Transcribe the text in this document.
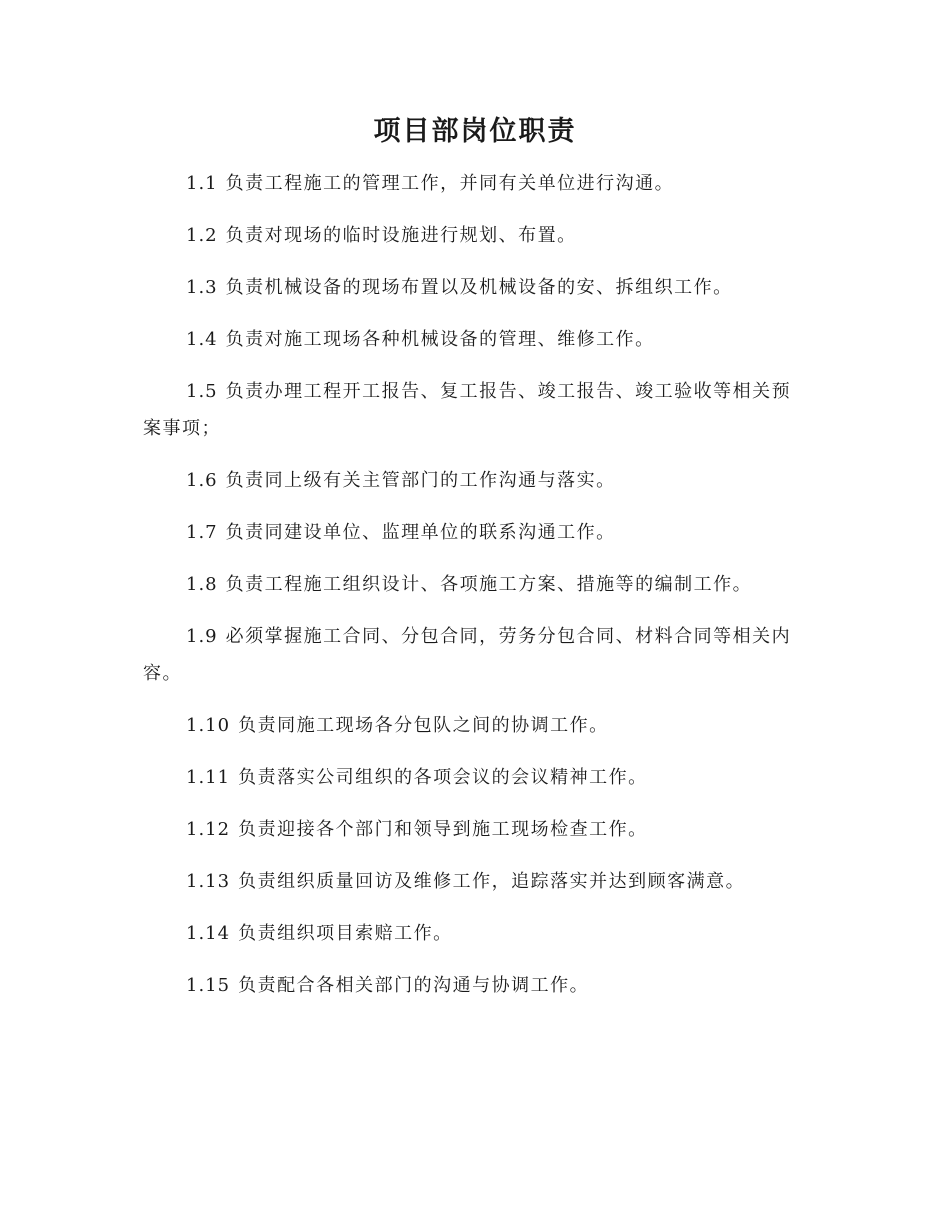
项目部岗位职责
1.1 负责工程施工的管理工作，并同有关单位进行沟通。
1.2 负责对现场的临时设施进行规划、布置。
1.3 负责机械设备的现场布置以及机械设备的安、拆组织工作。
1.4 负责对施工现场各种机械设备的管理、维修工作。
1.5 负责办理工程开工报告、复工报告、竣工报告、竣工验收等相关预案事项；
1.6 负责同上级有关主管部门的工作沟通与落实。
1.7 负责同建设单位、监理单位的联系沟通工作。
1.8 负责工程施工组织设计、各项施工方案、措施等的编制工作。
1.9 必须掌握施工合同、分包合同，劳务分包合同、材料合同等相关内容。
1.10 负责同施工现场各分包队之间的协调工作。
1.11 负责落实公司组织的各项会议的会议精神工作。
1.12 负责迎接各个部门和领导到施工现场检查工作。
1.13 负责组织质量回访及维修工作，追踪落实并达到顾客满意。
1.14 负责组织项目索赔工作。
1.15 负责配合各相关部门的沟通与协调工作。
